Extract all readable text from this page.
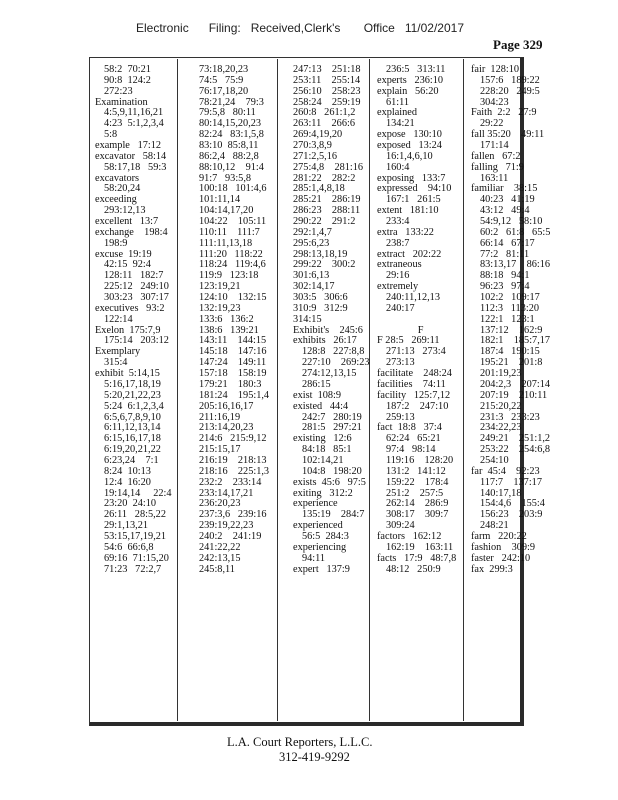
Electronic      Filing:   Received,Clerk's       Office   11/02/2017
Page 329
58:2  70:21
90:8  124:2
272:23
Examination
4:5,9,11,16,21
4:23  5:1,2,3,4
5:8
example   17:12
excavator   58:14
58:17,18   59:3
excavators
58:20,24
exceeding
293:12,13
excellent   13:7
exchange    198:4
198:9
excuse  19:19
42:15  92:4
128:11   182:7
225:12   249:10
303:23   307:17
executives   93:2
122:14
Exelon  175:7,9
175:14   203:12
Exemplary
315:4
exhibit  5:14,15
5:16,17,18,19
5:20,21,22,23
5:24  6:1,2,3,4
6:5,6,7,8,9,10
6:11,12,13,14
6:15,16,17,18
6:19,20,21,22
6:23,24    7:1
8:24  10:13
12:4  16:20
19:14,14     22:4
23:20  24:10
26:11   28:5,22
29:1,13,21
53:15,17,19,21
54:6  66:6,8
69:16  71:15,20
71:23   72:2,7
73:18,20,23
74:5   75:9
76:17,18,20
78:21,24    79:3
79:5,8   80:11
80:14,15,20,23
82:24   83:1,5,8
83:10  85:8,11
86:2,4   88:2,8
88:10,12    91:4
91:7   93:5,8
100:18   101:4,6
101:11,14
104:14,17,20
104:22    105:11
110:11    111:7
111:11,13,18
111:20   118:22
118:24   119:4,6
119:9   123:18
123:19,21
124:10    132:15
132:19,23
133:6   136:2
138:6   139:21
143:11    144:15
145:18    147:16
147:24    149:11
157:18    158:19
179:21    180:3
181:24    195:1,4
205:16,16,17
211:16,19
213:14,20,23
214:6   215:9,12
215:15,17
216:19    218:13
218:16    225:1,3
232:2    233:14
233:14,17,21
236:20,23
237:3,6   239:16
239:19,22,23
240:2    241:19
241:22,22
242:13,15
245:8,11
247:13    251:18
253:11    255:14
256:10    258:23
258:24    259:19
260:8   261:1,2
263:11    266:6
269:4,19,20
270:3,8,9
271:2,5,16
275:4,8    281:16
281:22    282:2
285:1,4,8,18
285:21    286:19
286:23    288:11
290:22    291:2
292:1,4,7
295:6,23
298:13,18,19
299:22    300:2
301:6,13
302:14,17
303:5   306:6
310:9   312:9
314:15
Exhibit's    245:6
exhibits   26:17
128:8   227:8,8
227:10    269:23
274:12,13,15
286:15
exist  108:9
existed   44:4
242:7   280:19
281:5   297:21
existing   12:6
84:18   85:1
102:14,21
104:8   198:20
exists  45:6   97:5
exiting   312:2
experience
135:19    284:7
experienced
56:5  284:3
experiencing
94:11
expert   137:9
236:5   313:11
experts   236:10
explain   56:20
61:11
explained
134:21
expose   130:10
exposed   13:24
16:1,4,6,10
160:4
exposing   133:7
expressed    94:10
167:1   261:5
extent   181:10
233:4
extra   133:22
238:7
extract   202:22
extraneous
29:16
extremely
240:11,12,13
240:17

F
F 28:5   269:11
271:13   273:4
273:13
facilitate    248:24
facilities    74:11
facility   125:7,12
187:2    247:10
259:13
fact  18:8   37:4
62:24   65:21
97:4   98:14
119:16    128:20
131:2   141:12
159:22    178:4
251:2    257:5
262:14    286:9
308:17    309:7
309:24
factors   162:12
162:19    163:11
facts   17:9   48:7,8
48:12   250:9
fair  128:10
157:6   189:22
228:20   249:5
304:23
Faith  2:2   27:9
29:22
fall 35:20    49:11
171:14
fallen   67:2
falling   71:9
163:11
familiar    38:15
40:23   41:19
43:12   49:4
54:9,12   58:10
60:2   61:8   65:5
66:14   67:17
77:2   81:11
83:13,17    86:16
88:18   94:1
96:23   97:4
102:2   109:17
112:3   113:20
122:1   123:1
137:12    162:9
182:1    185:7,17
187:4   190:15
195:21    201:8
201:19,23
204:2,3    207:14
207:19    210:11
215:20,22
231:3   233:23
234:22,23
249:21    251:1,2
253:22    254:6,8
254:10
far  45:4    92:23
117:7    137:17
140:17,18
154:4,6    155:4
156:23    203:9
248:21
farm   220:22
fashion    309:9
faster   242:10
fax  299:3
L.A. Court Reporters, L.L.C.
312-419-9292
